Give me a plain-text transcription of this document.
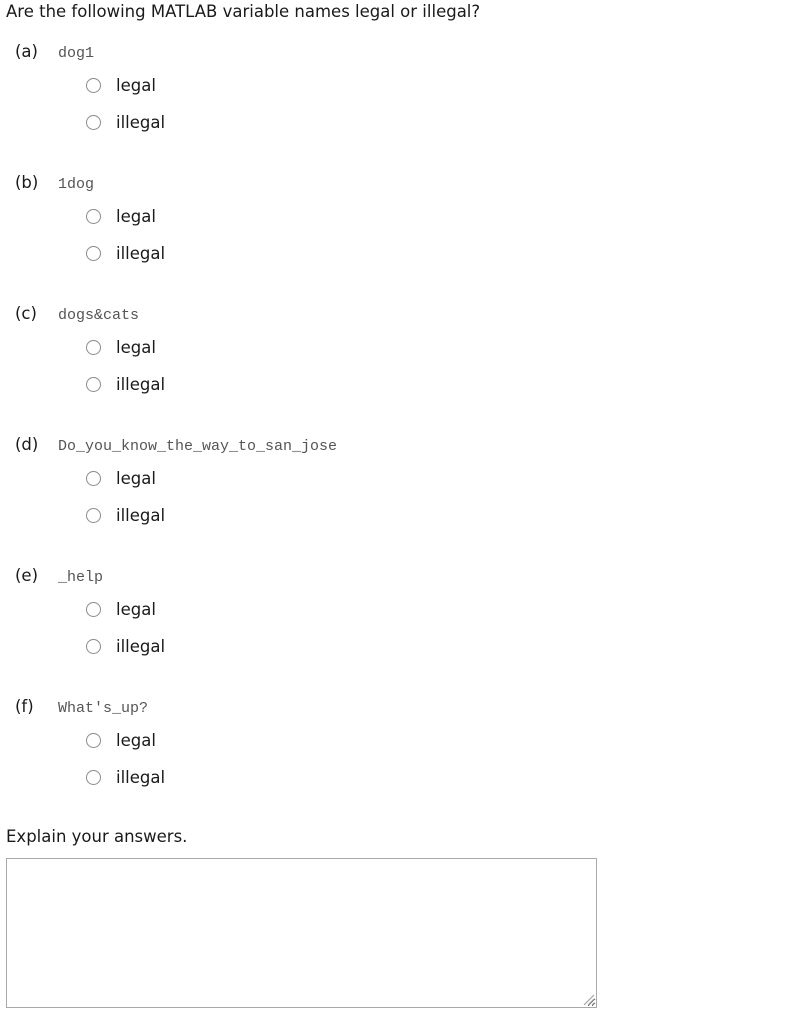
Are the following MATLAB variable names legal or illegal?
(a) dog1
legal
illegal
(b) 1dog
legal
illegal
(c) dogs&cats
legal
illegal
(d) Do_you_know_the_way_to_san_jose
legal
illegal
(e) _help
legal
illegal
(f) What's_up?
legal
illegal
Explain your answers.
